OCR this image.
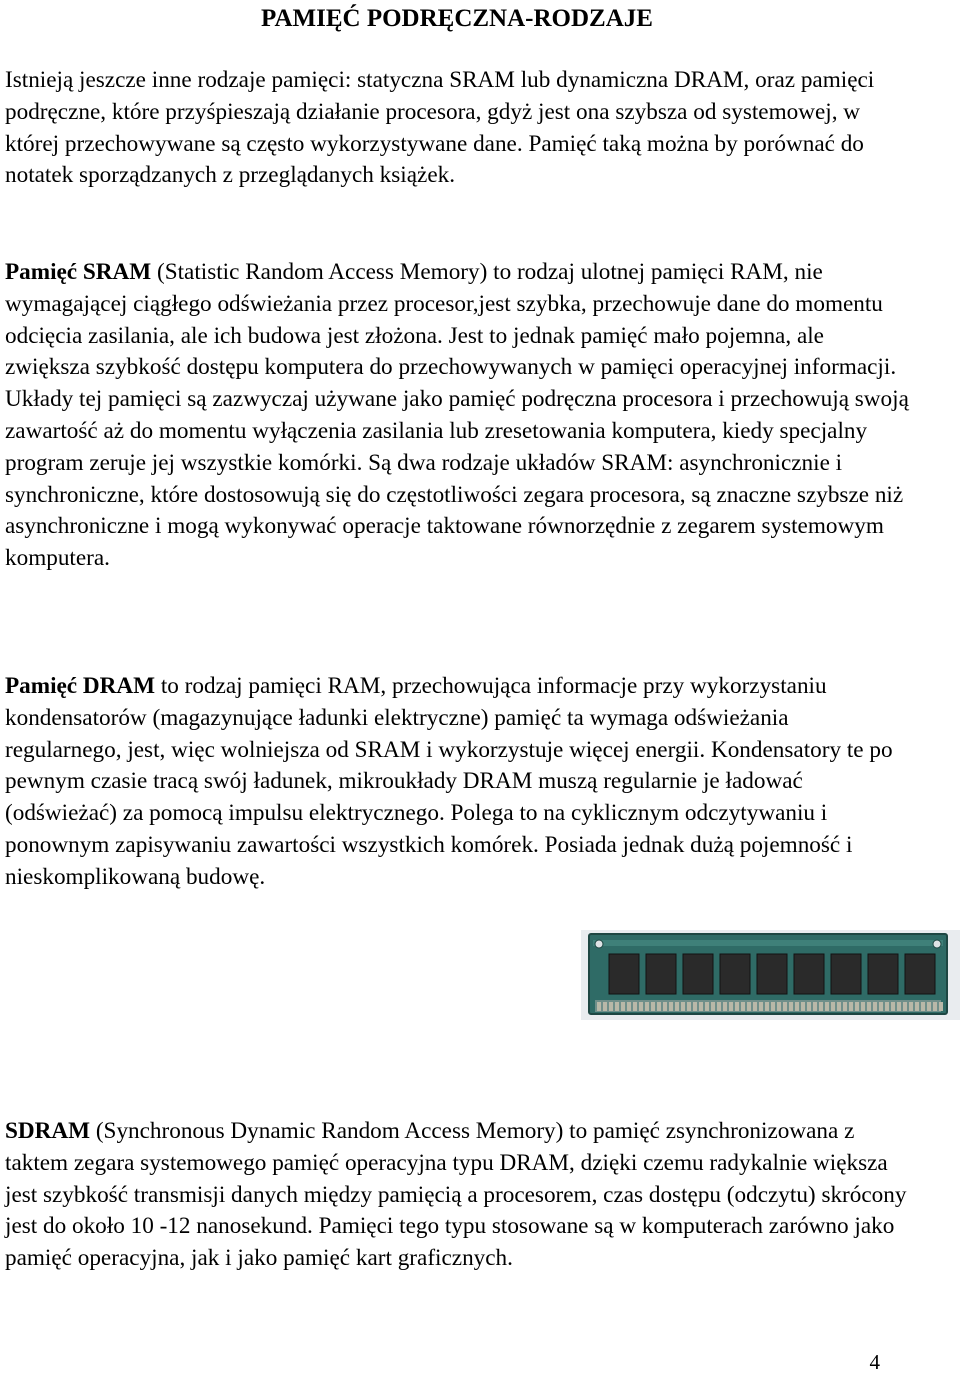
PAMIĘĆ PODRĘCZNA-RODZAJE

Istnieją jeszcze inne rodzaje pamięci: statyczna SRAM lub dynamiczna DRAM, oraz pamięci podręczne, które przyśpieszają działanie procesora, gdyż jest ona szybsza od systemowej, w której przechowywane są często wykorzystywane dane. Pamięć taką można by porównać do notatek sporządzanych z przeglądanych książek.

Pamięć SRAM (Statistic Random Access Memory) to rodzaj ulotnej pamięci RAM, nie wymagającej ciągłego odświeżania przez procesor,jest szybka, przechowuje dane do momentu odcięcia zasilania, ale ich budowa jest złożona. Jest to jednak pamięć mało pojemna, ale zwiększa szybkość dostępu komputera do przechowywanych w pamięci operacyjnej informacji. Układy tej pamięci są zazwyczaj używane jako pamięć podręczna procesora i przechowują swoją zawartość aż do momentu wyłączenia zasilania lub zresetowania komputera, kiedy specjalny program zeruje jej wszystkie komórki. Są dwa rodzaje układów SRAM: asynchronicznie i synchroniczne, które dostosowują się do częstotliwości zegara procesora, są znaczne szybsze niż asynchroniczne i mogą wykonywać operacje taktowane równorzędnie z zegarem systemowym komputera.

Pamięć DRAM to rodzaj pamięci RAM, przechowująca informacje przy wykorzystaniu kondensatorów (magazynujące ładunki elektryczne) pamięć ta wymaga odświeżania regularnego, jest, więc wolniejsza od SRAM i wykorzystuje więcej energii. Kondensatory te po pewnym czasie tracą swój ładunek, mikroukłady DRAM muszą regularnie je ładować (odświeżać) za pomocą impulsu elektrycznego. Polega to na cyklicznym odczytywaniu i ponownym zapisywaniu zawartości wszystkich komórek. Posiada jednak dużą pojemność i nieskomplikowaną budowę.

SDRAM (Synchronous Dynamic Random Access Memory) to pamięć zsynchronizowana z taktem zegara systemowego pamięć operacyjna typu DRAM, dzięki czemu radykalnie większa jest szybkość transmisji danych między pamięcią a procesorem, czas dostępu (odczytu) skrócony jest do około 10 -12 nanosekund. Pamięci tego typu stosowane są w komputerach zarówno jako pamięć operacyjna, jak i jako pamięć kart graficznych.

4
